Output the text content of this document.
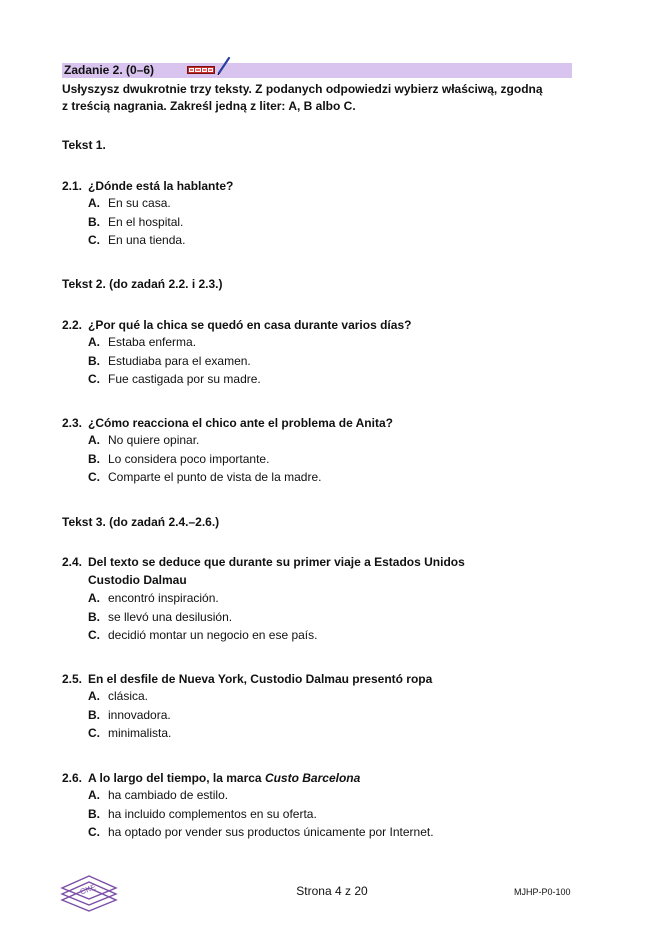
Zadanie 2. (0–6)
Usłyszysz dwukrotnie trzy teksty. Z podanych odpowiedzi wybierz właściwą, zgodną
z treścią nagrania. Zakreśl jedną z liter: A, B albo C.
Tekst 1.
2.1. ¿Dónde está la hablante?
A. En su casa.
B. En el hospital.
C. En una tienda.
Tekst 2. (do zadań 2.2. i 2.3.)
2.2. ¿Por qué la chica se quedó en casa durante varios días?
A. Estaba enferma.
B. Estudiaba para el examen.
C. Fue castigada por su madre.
2.3. ¿Cómo reacciona el chico ante el problema de Anita?
A. No quiere opinar.
B. Lo considera poco importante.
C. Comparte el punto de vista de la madre.
Tekst 3. (do zadań 2.4.–2.6.)
2.4. Del texto se deduce que durante su primer viaje a Estados Unidos
Custodio Dalmau
A. encontró inspiración.
B. se llevó una desilusión.
C. decidió montar un negocio en ese país.
2.5. En el desfile de Nueva York, Custodio Dalmau presentó ropa
A. clásica.
B. innovadora.
C. minimalista.
2.6. A lo largo del tiempo, la marca Custo Barcelona
A. ha cambiado de estilo.
B. ha incluido complementos en su oferta.
C. ha optado por vender sus productos únicamente por Internet.
CKE	Strona 4 z 20	MJHP-P0-100
